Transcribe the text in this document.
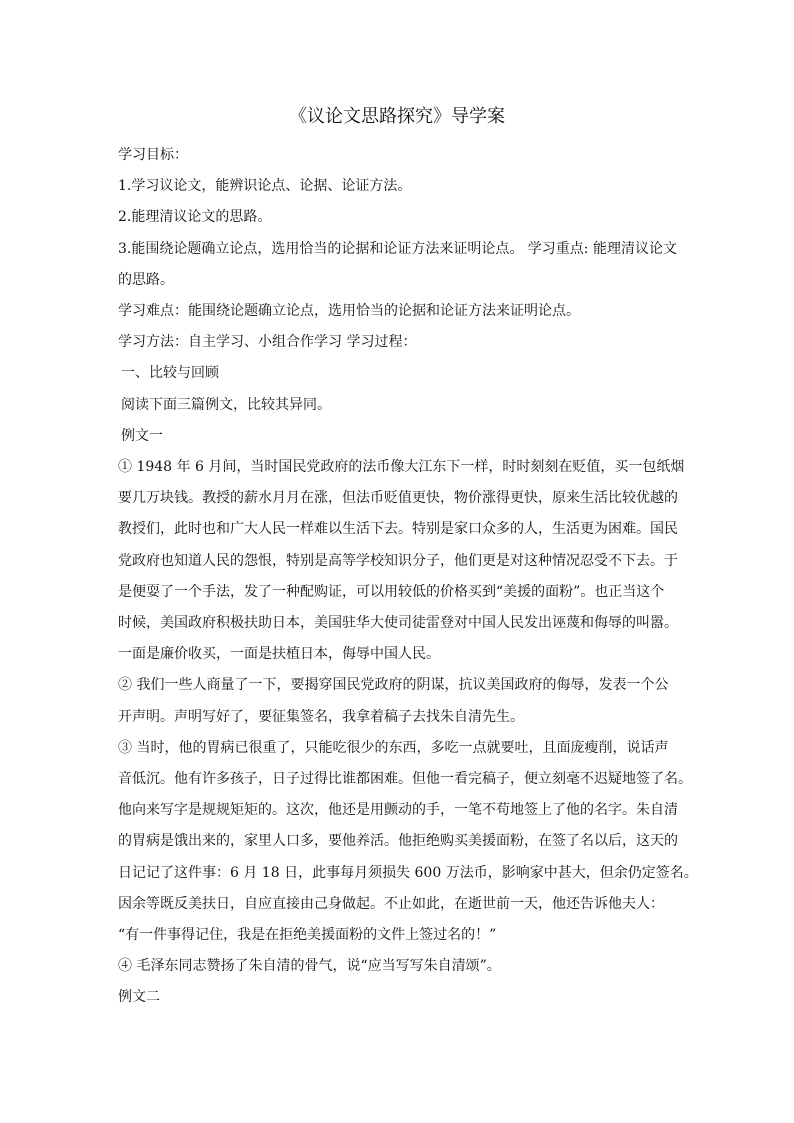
《议论文思路探究》导学案

学习目标：

1.学习议论文，能辨识论点、论据、论证方法。

2.能理清议论文的思路。

3.能围绕论题确立论点，选用恰当的论据和论证方法来证明论点。 学习重点: 能理清议论文

的思路。

学习难点：能围绕论题确立论点，选用恰当的论据和论证方法来证明论点。

学习方法：自主学习、小组合作学习 学习过程：

一、比较与回顾

阅读下面三篇例文，比较其异同。

例文一

① 1948 年 6 月间，当时国民党政府的法币像大江东下一样，时时刻刻在贬值，买一包纸烟

要几万块钱。教授的薪水月月在涨，但法币贬值更快，物价涨得更快，原来生活比较优越的

教授们，此时也和广大人民一样难以生活下去。特别是家口众多的人，生活更为困难。国民

党政府也知道人民的怨恨，特别是高等学校知识分子，他们更是对这种情况忍受不下去。于

是便耍了一个手法，发了一种配购证，可以用较低的价格买到“美援的面粉”。也正当这个

时候，美国政府积极扶助日本，美国驻华大使司徒雷登对中国人民发出诬蔑和侮辱的叫嚣。

一面是廉价收买，一面是扶植日本，侮辱中国人民。

② 我们一些人商量了一下，要揭穿国民党政府的阴谋，抗议美国政府的侮辱，发表一个公

开声明。声明写好了，要征集签名，我拿着稿子去找朱自清先生。

③ 当时，他的胃病已很重了，只能吃很少的东西，多吃一点就要吐，且面庞瘦削，说话声

音低沉。他有许多孩子，日子过得比谁都困难。但他一看完稿子，便立刻毫不迟疑地签了名。

他向来写字是规规矩矩的。这次，他还是用颤动的手，一笔不苟地签上了他的名字。朱自清

的胃病是饿出来的，家里人口多，要他养活。他拒绝购买美援面粉，在签了名以后，这天的

日记记了这件事：6 月 18 日，此事每月须损失 600 万法币，影响家中甚大，但余仍定签名。

因余等既反美扶日，自应直接由己身做起。不止如此，在逝世前一天，他还告诉他夫人：

“有一件事得记住，我是在拒绝美援面粉的文件上签过名的！”

④ 毛泽东同志赞扬了朱自清的骨气，说“应当写写朱自清颂”。

例文二
